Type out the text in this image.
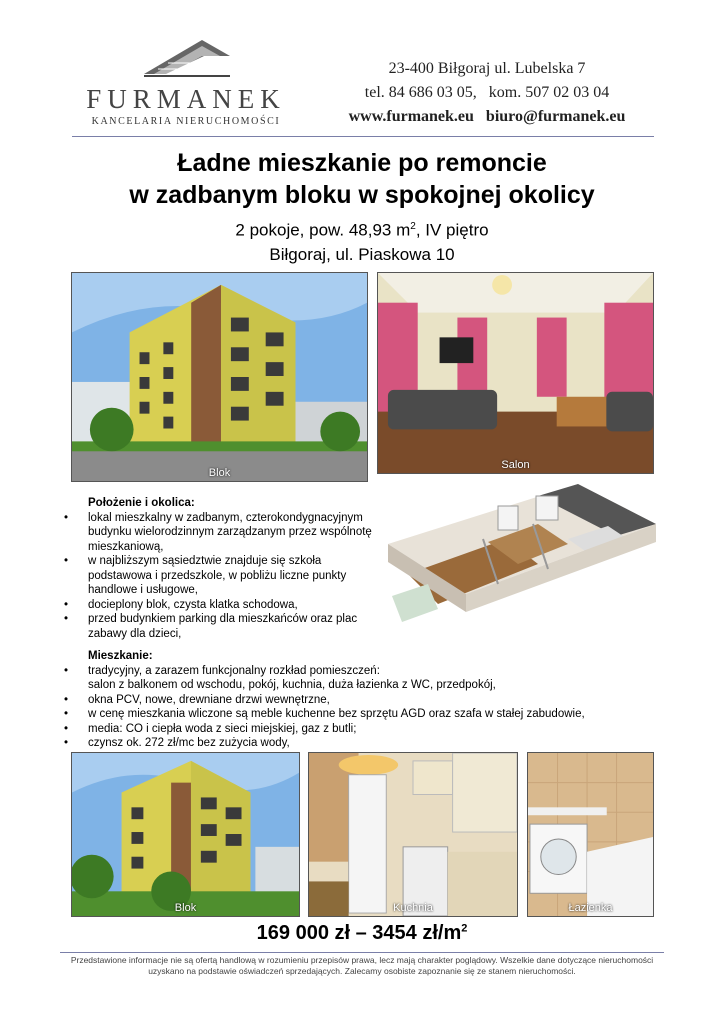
FURMANEK
KANCELARIA NIERUCHOMOŚCI
23-400 Biłgoraj ul. Lubelska 7
tel. 84 686 03 05,   kom. 507 02 03 04
www.furmanek.eu   biuro@furmanek.eu
Ładne mieszkanie po remoncie
w zadbanym bloku w spokojnej okolicy
2 pokoje, pow. 48,93 $m^2$, IV piętro
Biłgoraj, ul. Piaskowa 10
Blok
Salon
Położenie i okolica:
• lokal mieszkalny w zadbanym, czterokondygnacyjnym budynku wielorodzinnym zarządzanym przez wspólnotę mieszkaniową,
• w najbliższym sąsiedztwie znajduje się szkoła podstawowa i przedszkole, w pobliżu liczne punkty handlowe i usługowe,
• docieplony blok, czysta klatka schodowa,
• przed budynkiem parking dla mieszkańców oraz plac zabawy dla dzieci,
Mieszkanie:
• tradycyjny, a zarazem funkcjonalny rozkład pomieszczeń:
salon z balkonem od wschodu, pokój, kuchnia, duża łazienka z WC, przedpokój,
• okna PCV, nowe, drewniane drzwi wewnętrzne,
• w cenę mieszkania wliczone są meble kuchenne bez sprzętu AGD oraz szafa w stałej zabudowie,
• media: CO i ciepła woda z sieci miejskiej, gaz z butli;
• czynsz ok. 272 zł/mc bez zużycia wody,
Blok	Kuchnia	Łazienka
169 000 zł – 3454 $zł/m^2$
Przedstawione informacje nie są ofertą handlową w rozumieniu przepisów prawa, lecz mają charakter poglądowy. Wszelkie dane dotyczące nieruchomości
uzyskano na podstawie oświadczeń sprzedających. Zalecamy osobiste zapoznanie się ze stanem nieruchomości.
